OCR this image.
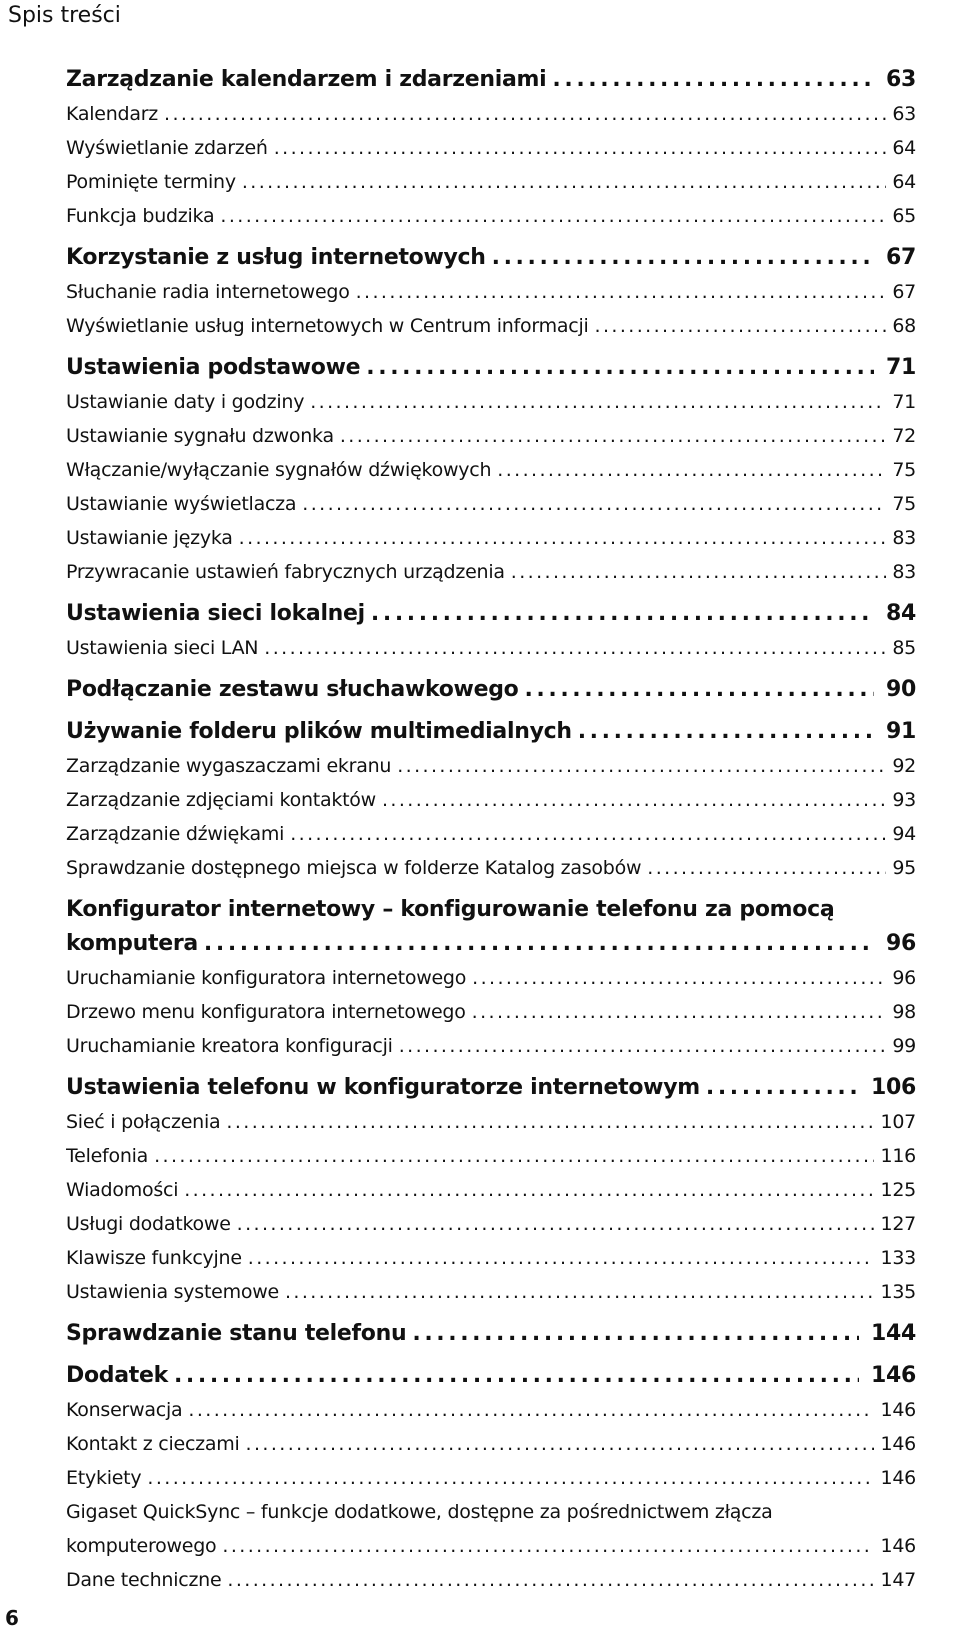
Spis treści
Zarządzanie kalendarzem i zdarzeniami .....	63
Kalendarz .....	63
Wyświetlanie zdarzeń .....	64
Pominięte terminy .....	64
Funkcja budzika .....	65
Korzystanie z usług internetowych .....	67
Słuchanie radia internetowego .....	67
Wyświetlanie usług internetowych w Centrum informacji .....	68
Ustawienia podstawowe .....	71
Ustawianie daty i godziny .....	71
Ustawianie sygnału dzwonka .....	72
Włączanie/wyłączanie sygnałów dźwiękowych .....	75
Ustawianie wyświetlacza .....	75
Ustawianie języka .....	83
Przywracanie ustawień fabrycznych urządzenia .....	83
Ustawienia sieci lokalnej .....	84
Ustawienia sieci LAN .....	85
Podłączanie zestawu słuchawkowego .....	90
Używanie folderu plików multimedialnych .....	91
Zarządzanie wygaszaczami ekranu .....	92
Zarządzanie zdjęciami kontaktów .....	93
Zarządzanie dźwiękami .....	94
Sprawdzanie dostępnego miejsca w folderze Katalog zasobów .....	95
Konfigurator internetowy – konfigurowanie telefonu za pomocą
komputera .....	96
Uruchamianie konfiguratora internetowego .....	96
Drzewo menu konfiguratora internetowego .....	98
Uruchamianie kreatora konfiguracji .....	99
Ustawienia telefonu w konfiguratorze internetowym .....	106
Sieć i połączenia .....	107
Telefonia .....	116
Wiadomości .....	125
Usługi dodatkowe .....	127
Klawisze funkcyjne .....	133
Ustawienia systemowe .....	135
Sprawdzanie stanu telefonu .....	144
Dodatek .....	146
Konserwacja .....	146
Kontakt z cieczami .....	146
Etykiety .....	146
Gigaset QuickSync – funkcje dodatkowe, dostępne za pośrednictwem złącza
komputerowego .....	146
Dane techniczne .....	147
6
